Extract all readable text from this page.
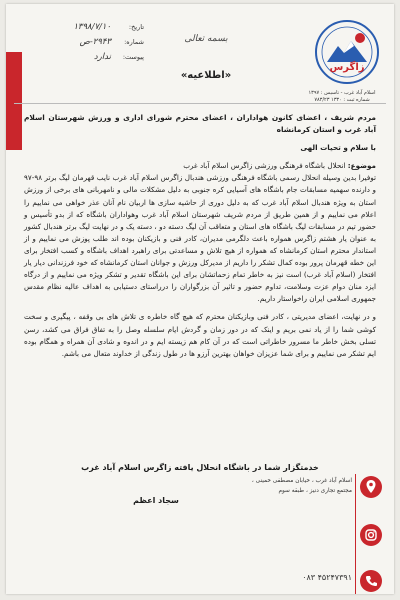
تاریخ:
۱۳۹۸/۷/۱۰
شماره:
۲۹۴۳-ص
پیوست:
ندارد
بسمه تعالی
«اطلاعیه»
زاگرس
اسلام آباد غرب - تاسیس : ۱۳۹۷
شماره ثبت : ۱۳۳۰ ۷۸۳/۲۳

مردم شریف ، اعضای کانون هواداران ، اعضای محترم شورای اداری و ورزش شهرستان اسلام آباد غرب و استان کرمانشاه

با سلام و تحیات الهی

موضوع: انحلال باشگاه فرهنگی ورزشی زاگرس اسلام آباد غرب

توفیرا بدین وسیله انحلال رسمی باشگاه فرهنگی ورزشی هندبال زاگرس اسلام آباد غرب نایب قهرمان لیگ برتر ۹۸-۹۷ و دارنده سهمیه مسابقات جام باشگاه های آسیایی کره جنوبی به دلیل مشکلات مالی و نامهربانی های برخی از ورزش استان به ویژه هندبال اسلام آباد غرب که به دلیل دوری از حاشیه سازی ها اربیان نام آنان عذر خواهی می نماییم را اعلام می نماییم و از همین طریق از مردم شریف شهرستان اسلام آباد غرب وهواداران باشگاه که از بدو تأسیس و حضور تیم در مسابقات لیگ باشگاه های استان و متعاقب آن لیگ دسته دو ، دسته یک و در نهایت لیگ برتر هندبال کشور به عنوان یار هشتم زاگرس همواره باعث دلگرمی مدیران، کادر فنی و بازیکنان بوده اند طلب پوزش می نماییم و از استاندار محترم استان کرمانشاه که همواره از هیچ تلاش و مساعدتی برای راهبرد اهداف باشگاه و کسب افتخار برای این خطه قهرمان پرور بوده کمال تشکر را داریم از مدیرکل ورزش و جوانان استان کرمانشاه که خود فرزندانی دیار یار افتخار (اسلام آباد غرب) است نیز به خاطر تمام زحماتشان برای این باشگاه تقدیر و تشکر ویژه می نماییم و از درگاه ایزد منان دوام عزت وسلامت، تداوم حضور و تاثیر آن بزرگواران را درراستای دستیابی به اهداف عالیه نظام مقدس جمهوری اسلامی ایران راخواستار داریم.

و در نهایت، اعضای مدیریتی ، کادر فنی وبازیکنان محترم که هیچ گاه خاطره ی تلاش های بی وقفه ، پیگیری و سخت کوشی شما را از یاد نمی بریم و اینک که در دور زمان و گردش ایام سلسله وصل را به تفاق فراق می کشد، رسن تسلی بخش خاطر ما مسرور خاطراتی است که در آن کام هم زیسته ایم و در اندوه و شادی آن همراه و همگام بوده ایم تشکر می نماییم و برای شما عزیزان خواهان بهترین آرزو ها در طول زندگی از خداوند متعال می باشم.

خدمتگزار شما در باشگاه انحلال یافته زاگرس اسلام آباد غرب
سجاد اعظم
اسلام آباد غرب ، خیابان مصطفی خمینی ،
مجتمع تجاری دنیز ، طبقه سوم
۰۸۳ ۴۵۲۴۷۳۹۱
